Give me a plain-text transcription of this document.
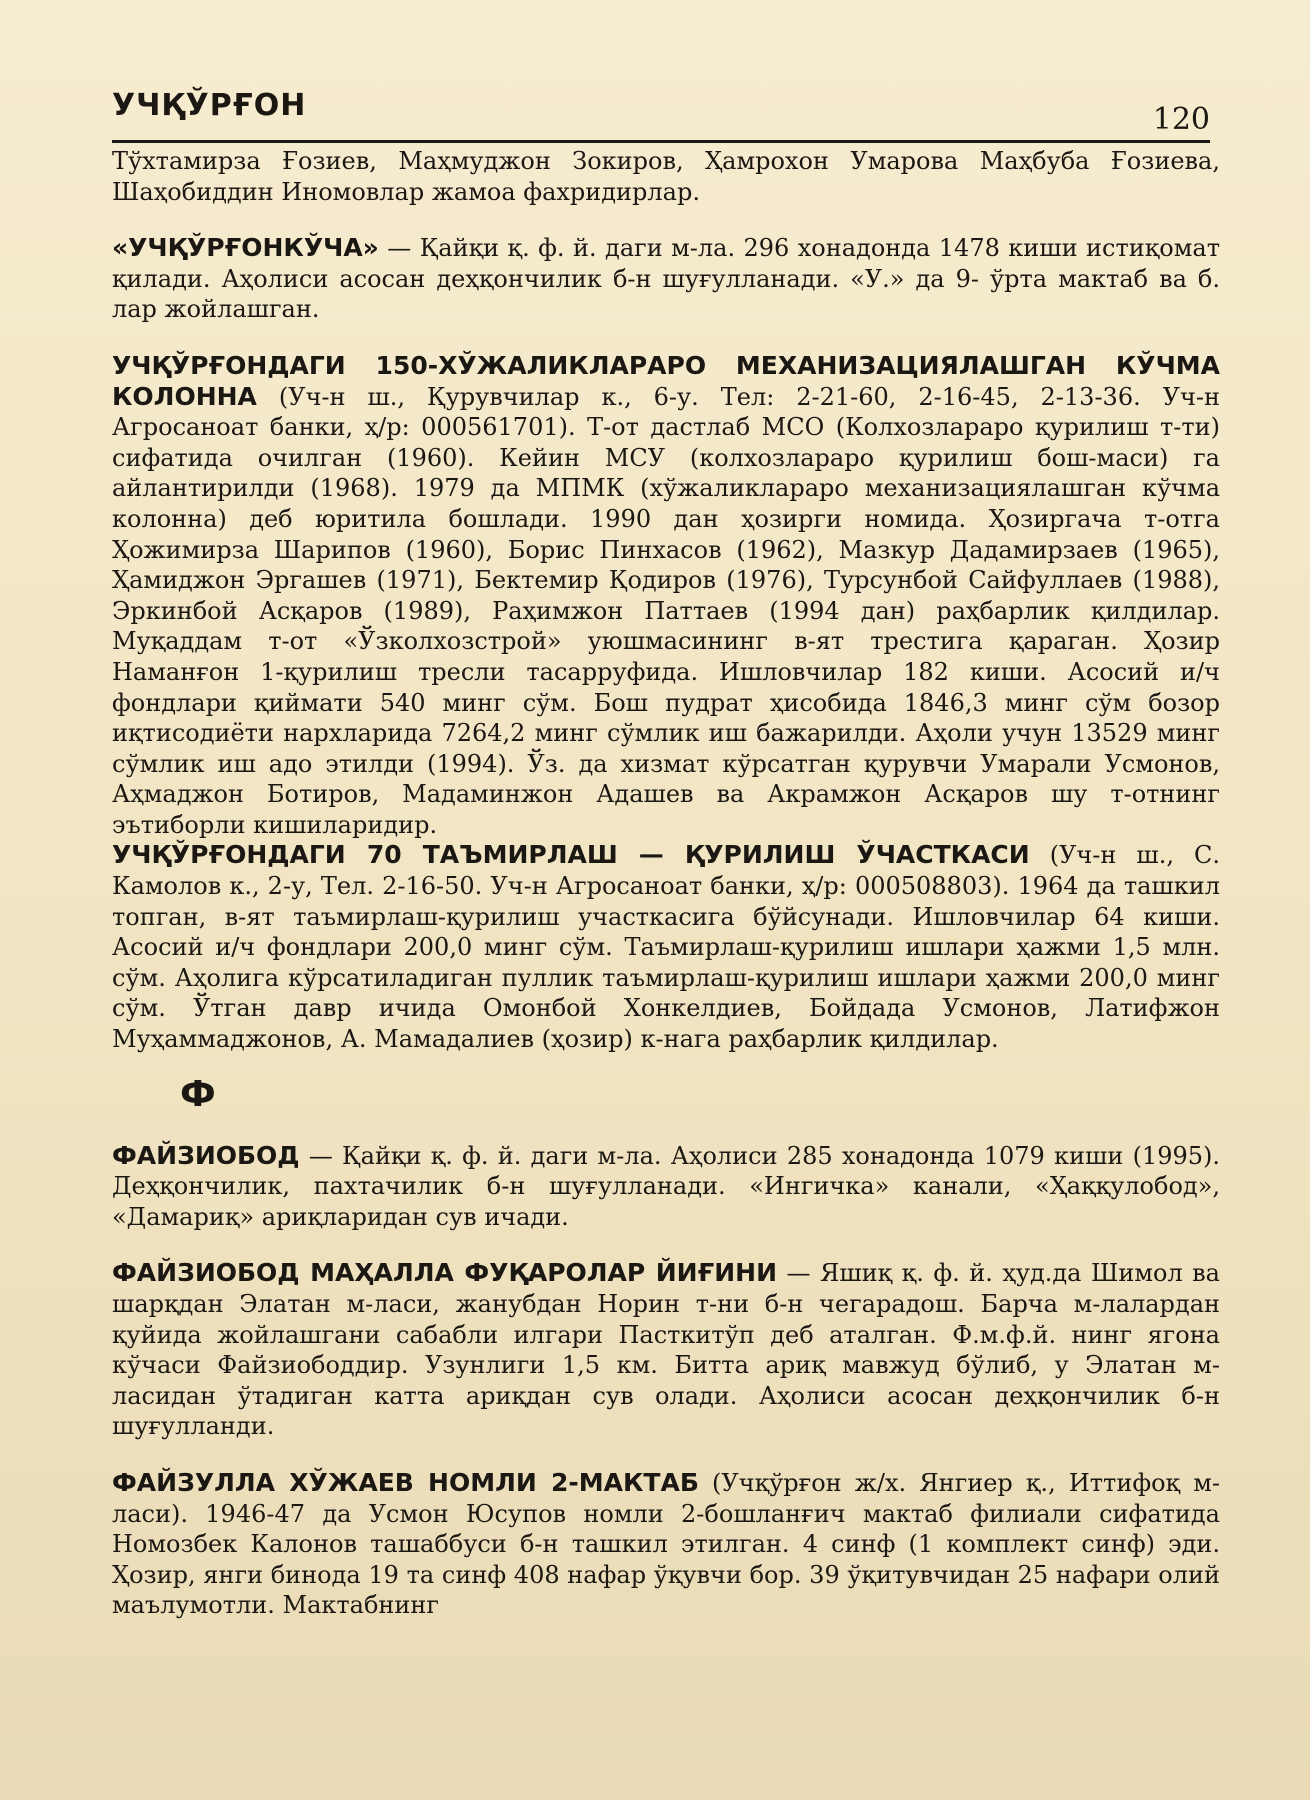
УЧҚЎРҒОН	120

Тўхтамирза Ғозиев, Маҳмуджон Зокиров, Ҳамрохон Умарова Маҳбуба Ғозиева, Шаҳобиддин Иномовлар жамоа фахридирлар.

«УЧҚЎРҒОНКЎЧА» — Қайқи қ. ф. й. даги м-ла. 296 хонадонда 1478 киши истиқомат қилади. Аҳолиси асосан деҳқончилик б-н шуғулланади. «У.» да 9- ўрта мактаб ва б. лар жойлашган.

УЧҚЎРҒОНДАГИ 150-ХЎЖАЛИКЛАРАРО МЕХАНИЗАЦИЯЛАШГАН КЎЧМА КОЛОННА (Уч-н ш., Қурувчилар к., 6-у. Тел: 2-21-60, 2-16-45, 2-13-36. Уч-н Агросаноат банки, ҳ/р: 000561701). Т-от дастлаб МСО (Колхозлараро қурилиш т-ти) сифатида очилган (1960). Кейин МСУ (колхозлараро қурилиш бош-маси) га айлантирилди (1968). 1979 да МПМК (хўжаликлараро механизациялашган кўчма колонна) деб юритила бошлади. 1990 дан ҳозирги номида. Ҳозиргача т-отга Ҳожимирза Шарипов (1960), Борис Пинхасов (1962), Мазкур Дадамирзаев (1965), Ҳамиджон Эргашев (1971), Бектемир Қодиров (1976), Турсунбой Сайфуллаев (1988), Эркинбой Асқаров (1989), Раҳимжон Паттаев (1994 дан) раҳбарлик қилдилар. Муқаддам т-от «Ўзколхозстрой» уюшмасининг в-ят трестига қараган. Ҳозир Наманғон 1-қурилиш тресли тасарруфида. Ишловчилар 182 киши. Асосий и/ч фондлари қиймати 540 минг сўм. Бош пудрат ҳисобида 1846,3 минг сўм бозор иқтисодиёти нархларида 7264,2 минг сўмлик иш бажарилди. Аҳоли учун 13529 минг сўмлик иш адо этилди (1994). Ўз. да хизмат кўрсатган қурувчи Умарали Усмонов, Аҳмаджон Ботиров, Мадаминжон Адашев ва Акрамжон Асқаров шу т-отнинг эътиборли кишиларидир.

УЧҚЎРҒОНДАГИ 70 ТАЪМИРЛАШ — ҚУРИЛИШ ЎЧАСТКАСИ (Уч-н ш., С. Камолов к., 2-у, Тел. 2-16-50. Уч-н Агросаноат банки, ҳ/р: 000508803). 1964 да ташкил топган, в-ят таъмирлаш-қурилиш участкасига бўйсунади. Ишловчилар 64 киши. Асосий и/ч фондлари 200,0 минг сўм. Таъмирлаш-қурилиш ишлари ҳажми 1,5 млн. сўм. Аҳолига кўрсатиладиган пуллик таъмирлаш-қурилиш ишлари ҳажми 200,0 минг сўм. Ўтган давр ичида Омонбой Хонкелдиев, Бойдада Усмонов, Латифжон Муҳаммаджонов, А. Мамадалиев (ҳозир) к-нага раҳбарлик қилдилар.

Ф

ФАЙЗИОБОД — Қайқи қ. ф. й. даги м-ла. Аҳолиси 285 хонадонда 1079 киши (1995). Деҳқончилик, пахтачилик б-н шуғулланади. «Ингичка» канали, «Ҳаққулобод», «Дамариқ» ариқларидан сув ичади.

ФАЙЗИОБОД МАҲАЛЛА ФУҚАРОЛАР ЙИҒИНИ — Яшиқ қ. ф. й. ҳуд.да Шимол ва шарқдан Элатан м-ласи, жанубдан Норин т-ни б-н чегарадош. Барча м-лалардан қуйида жойлашгани сабабли илгари Пасткитўп деб аталган. Ф.м.ф.й. нинг ягона кўчаси Файзиободдир. Узунлиги 1,5 км. Битта ариқ мавжуд бўлиб, у Элатан м-ласидан ўтадиган катта ариқдан сув олади. Аҳолиси асосан деҳқончилик б-н шуғулланди.

ФАЙЗУЛЛА ХЎЖАЕВ НОМЛИ 2-МАКТАБ (Учқўрғон ж/х. Янгиер қ., Иттифоқ м-ласи). 1946-47 да Усмон Юсупов номли 2-бошланғич мактаб филиали сифатида Номозбек Калонов ташаббуси б-н ташкил этилган. 4 синф (1 комплект синф) эди. Ҳозир, янги бинода 19 та синф 408 нафар ўқувчи бор. 39 ўқитувчидан 25 нафари олий маълумотли. Мактабнинг
